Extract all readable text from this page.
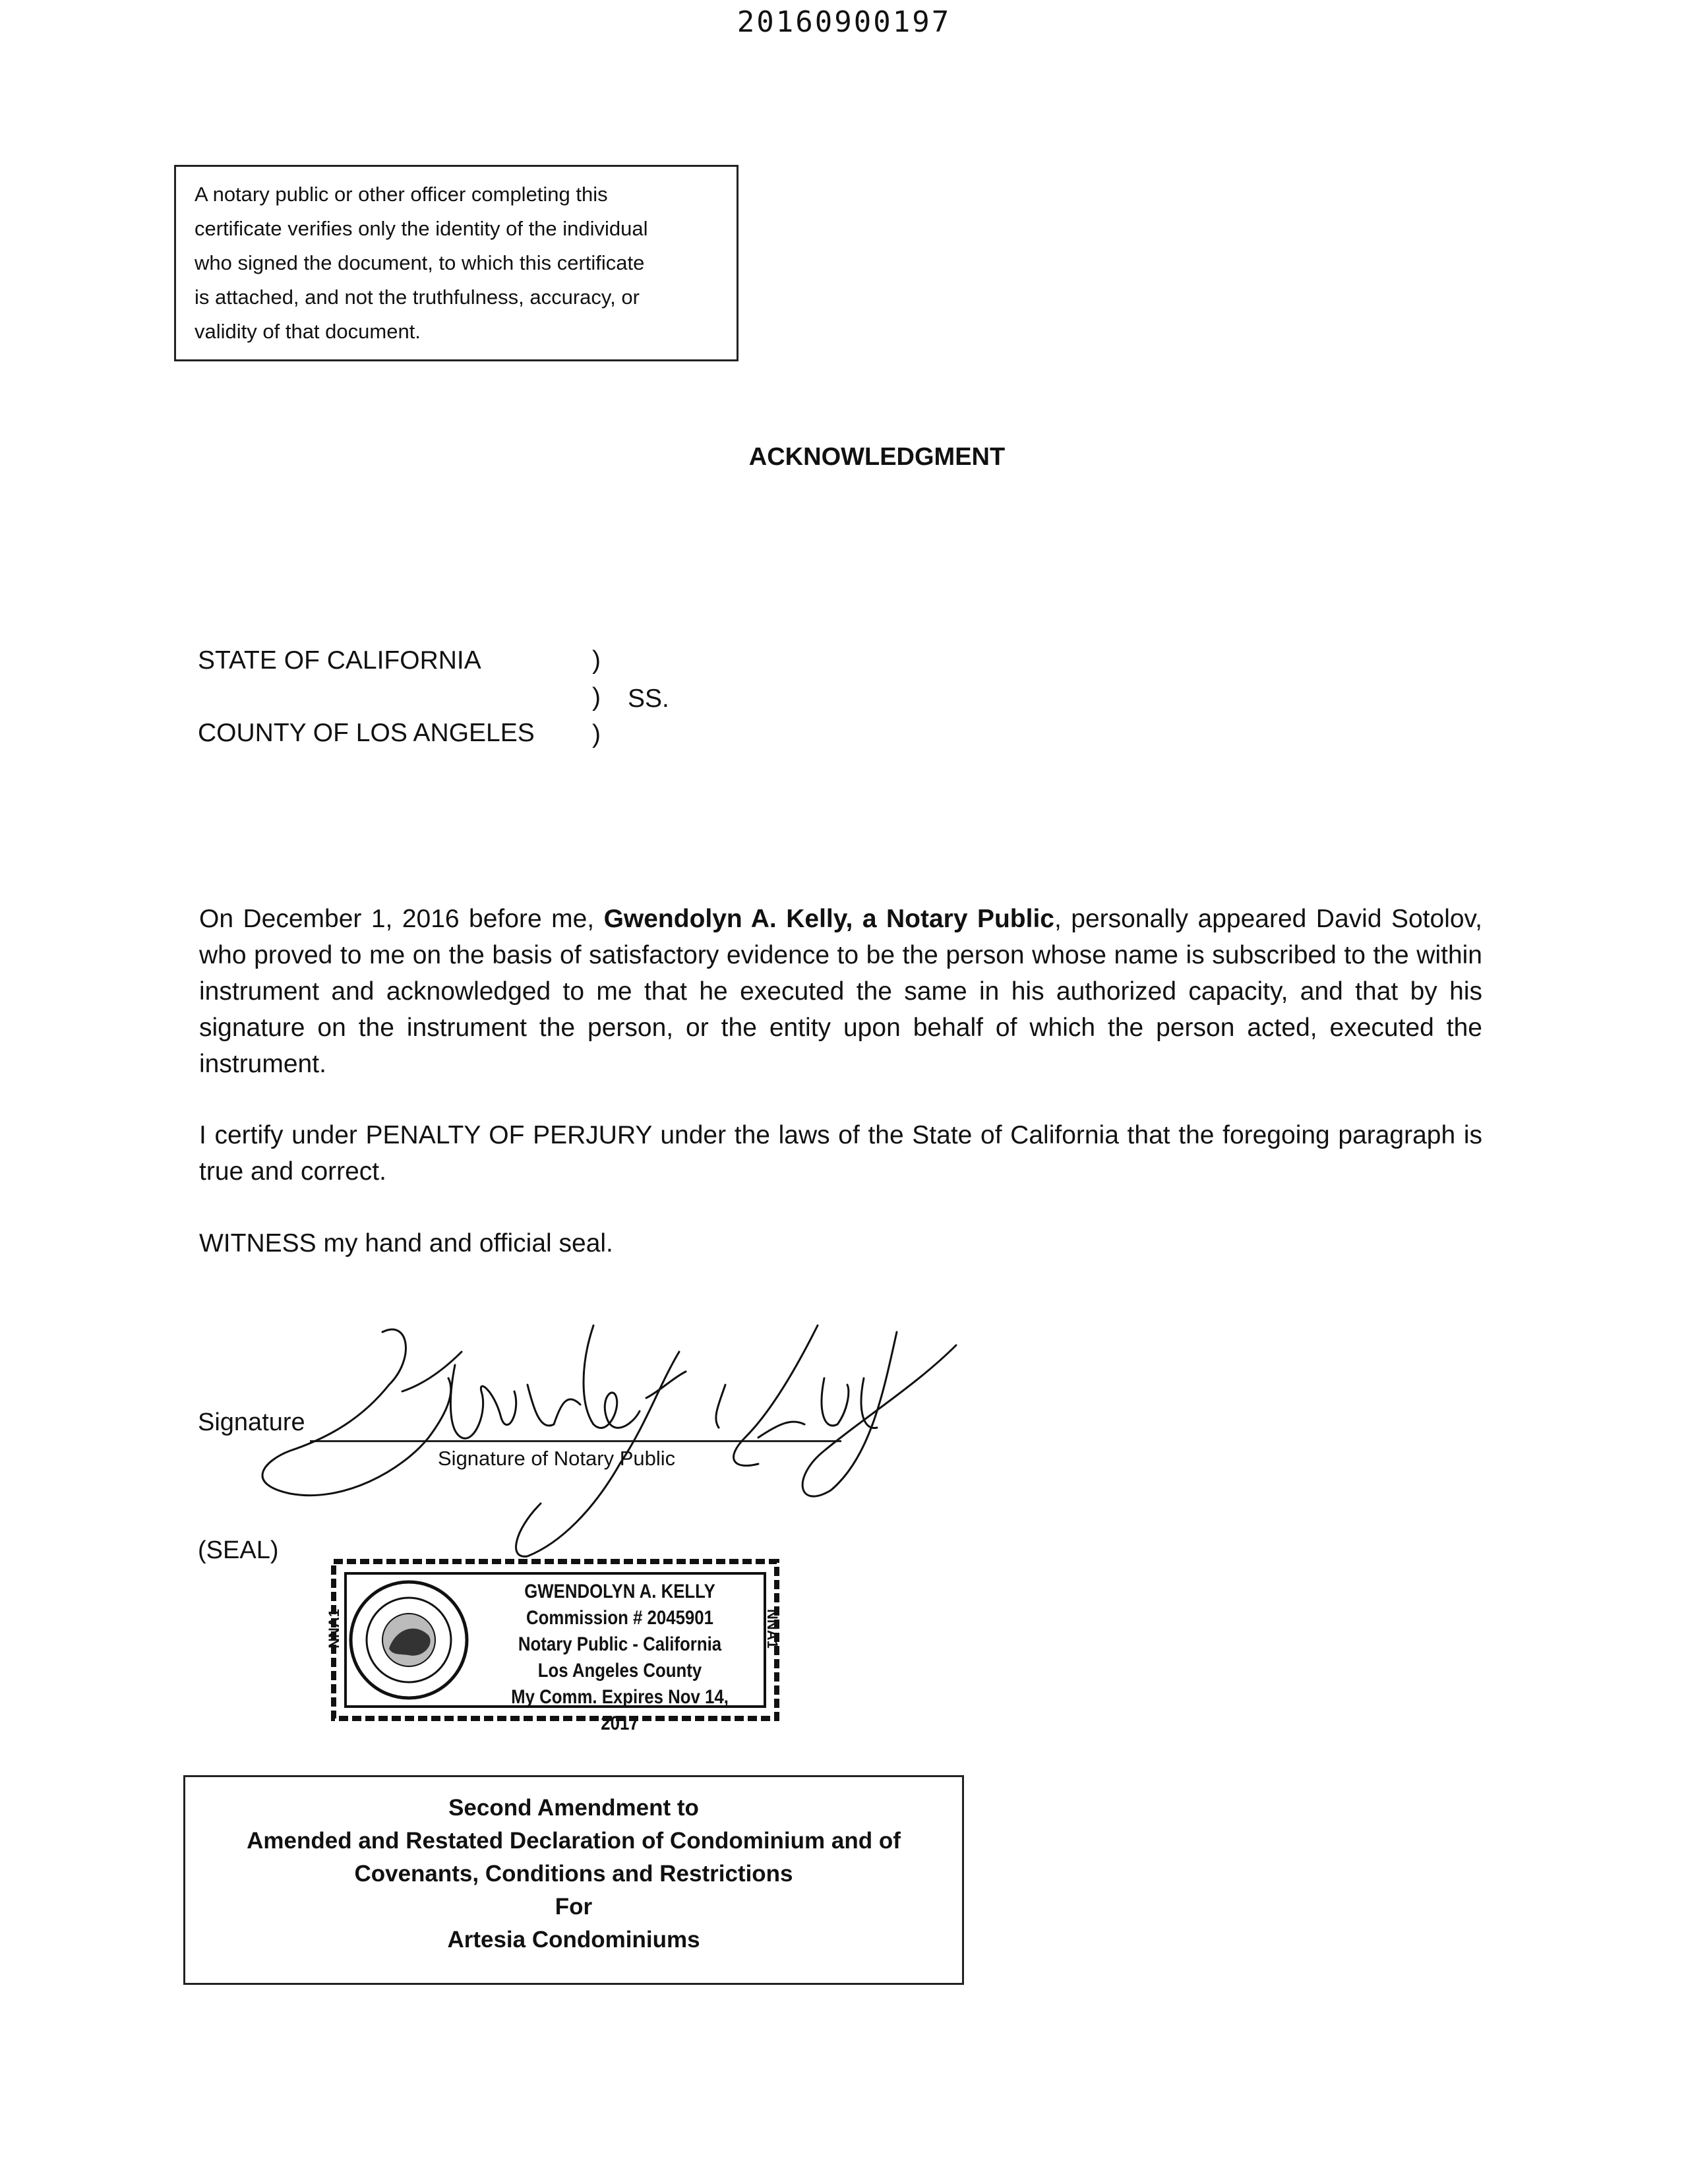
20160900197
A notary public or other officer completing this
certificate verifies only the identity of the individual
who signed the document, to which this certificate
is attached, and not the truthfulness, accuracy, or
validity of that document.
ACKNOWLEDGMENT
STATE OF CALIFORNIA
COUNTY OF LOS ANGELES
)
)
)
SS.
On December 1, 2016 before me, Gwendolyn A. Kelly, a Notary Public, personally appeared David Sotolov, who proved to me on the basis of satisfactory evidence to be the person whose name is subscribed to the within instrument and acknowledged to me that he executed the same in his authorized capacity, and that by his signature on the instrument the person, or the entity upon behalf of which the person acted, executed the instrument.
I certify under PENALTY OF PERJURY under the laws of the State of California that the foregoing paragraph is true and correct.
WITNESS my hand and official seal.
Signature
Signature of Notary Public
(SEAL)
NNA1	NNA1
GWENDOLYN A. KELLY
Commission # 2045901
Notary Public - California
Los Angeles County
My Comm. Expires Nov 14, 2017
Second Amendment to
Amended and Restated Declaration of Condominium and of
Covenants, Conditions and Restrictions
For
Artesia Condominiums
